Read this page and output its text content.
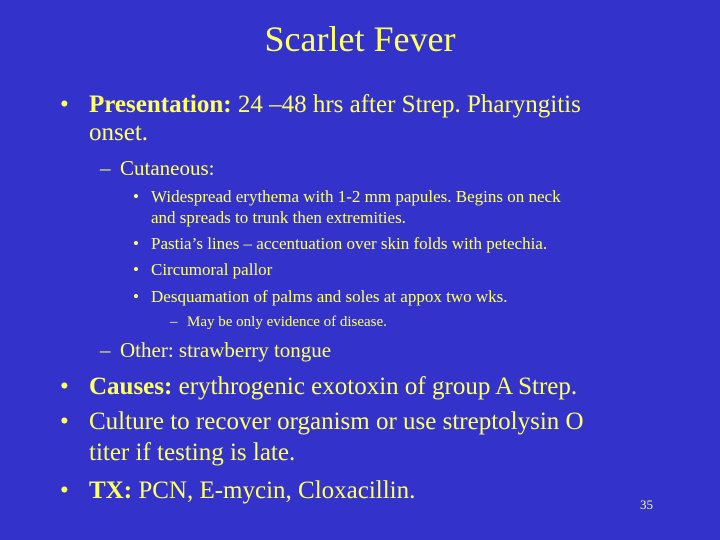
Scarlet Fever
• Presentation: 24 –48 hrs after Strep. Pharyngitis
onset.
– Cutaneous:
• Widespread erythema with 1-2 mm papules. Begins on neck
and spreads to trunk then extremities.
• Pastia’s lines – accentuation over skin folds with petechia.
• Circumoral pallor
• Desquamation of palms and soles at appox two wks.
– May be only evidence of disease.
– Other: strawberry tongue
• Causes: erythrogenic exotoxin of group A Strep.
• Culture to recover organism or use streptolysin O
titer if testing is late.
• TX: PCN, E-mycin, Cloxacillin.
35
